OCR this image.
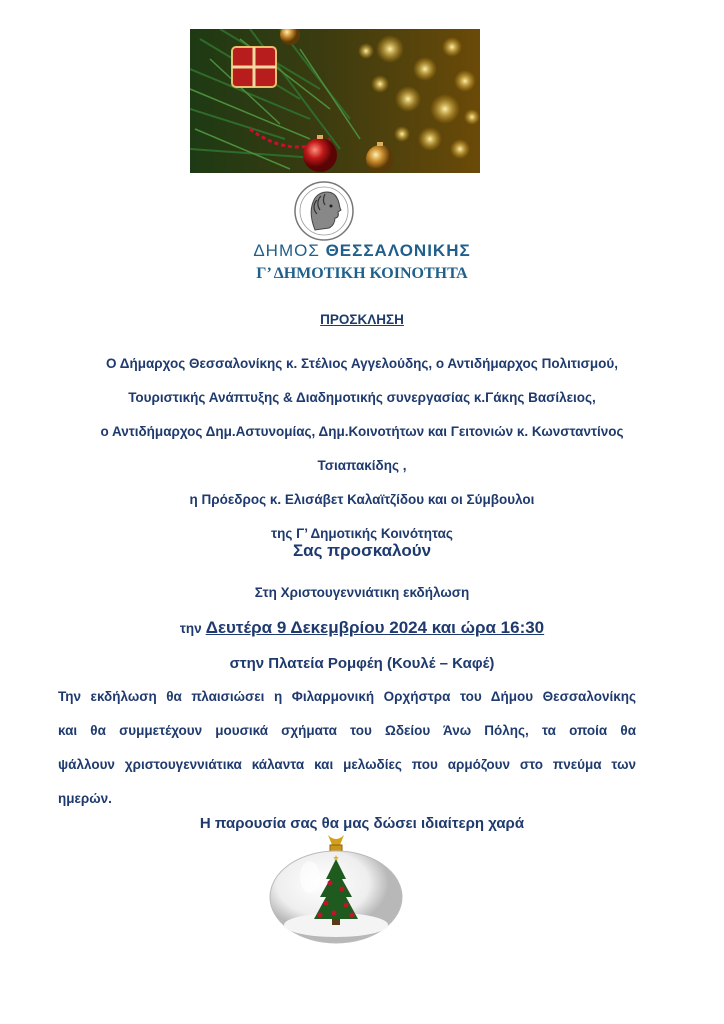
ΔΗΜΟΣ ΘΕΣΣΑΛΟΝΙΚΗΣ
Γ’ ΔΗΜΟΤΙΚΗ ΚΟΙΝΟΤΗΤΑ
ΠΡΟΣΚΛΗΣΗ
Ο Δήμαρχος Θεσσαλονίκης κ. Στέλιος Αγγελούδης, ο Αντιδήμαρχος Πολιτισμού,
Τουριστικής Ανάπτυξης & Διαδημοτικής συνεργασίας κ.Γάκης Βασίλειος,
ο Αντιδήμαρχος Δημ.Αστυνομίας, Δημ.Κοινοτήτων και Γειτονιών κ. Κωνσταντίνος
Τσιαπακίδης ,
η Πρόεδρος κ. Ελισάβετ Καλαϊτζίδου και οι Σύμβουλοι
της Γ’ Δημοτικής Κοινότητας
Σας προσκαλούν
Στη Χριστουγεννιάτικη εκδήλωση
την Δευτέρα 9 Δεκεμβρίου 2024 και ώρα 16:30
στην Πλατεία Ρομφέη (Κουλέ – Καφέ)
Την εκδήλωση θα πλαισιώσει η Φιλαρμονική Ορχήστρα του Δήμου Θεσσαλονίκης
και θα συμμετέχουν μουσικά σχήματα του Ωδείου Άνω Πόλης, τα οποία θα
ψάλλουν χριστουγεννιάτικα κάλαντα και μελωδίες που αρμόζουν στο πνεύμα των
ημερών.
Η παρουσία σας θα μας δώσει ιδιαίτερη χαρά
